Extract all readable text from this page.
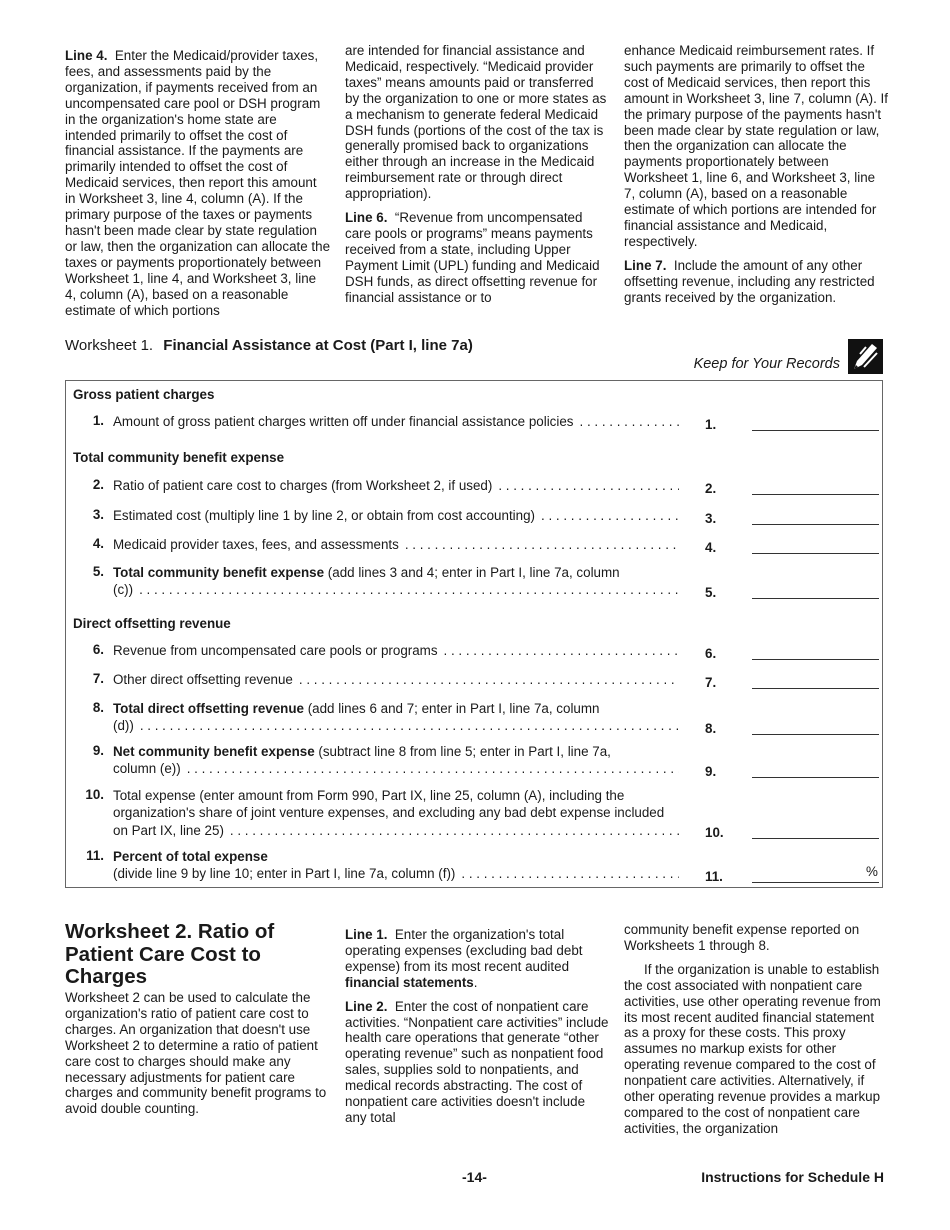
Line 4. Enter the Medicaid/provider taxes, fees, and assessments paid by the organization, if payments received from an uncompensated care pool or DSH program in the organization's home state are intended primarily to offset the cost of financial assistance. If the payments are primarily intended to offset the cost of Medicaid services, then report this amount in Worksheet 3, line 4, column (A). If the primary purpose of the taxes or payments hasn't been made clear by state regulation or law, then the organization can allocate the taxes or payments proportionately between Worksheet 1, line 4, and Worksheet 3, line 4, column (A), based on a reasonable estimate of which portions

are intended for financial assistance and Medicaid, respectively. “Medicaid provider taxes” means amounts paid or transferred by the organization to one or more states as a mechanism to generate federal Medicaid DSH funds (portions of the cost of the tax is generally promised back to organizations either through an increase in the Medicaid reimbursement rate or through direct appropriation).

Line 6. “Revenue from uncompensated care pools or programs” means payments received from a state, including Upper Payment Limit (UPL) funding and Medicaid DSH funds, as direct offsetting revenue for financial assistance or to

enhance Medicaid reimbursement rates. If such payments are primarily to offset the cost of Medicaid services, then report this amount in Worksheet 3, line 7, column (A). If the primary purpose of the payments hasn't been made clear by state regulation or law, then the organization can allocate the payments proportionately between Worksheet 1, line 6, and Worksheet 3, line 7, column (A), based on a reasonable estimate of which portions are intended for financial assistance and Medicaid, respectively.

Line 7. Include the amount of any other offsetting revenue, including any restricted grants received by the organization.

Worksheet 1. Financial Assistance at Cost (Part I, line 7a)
Keep for Your Records
Gross patient charges
1. Amount of gross patient charges written off under financial assistance policies . . .	1.
Total community benefit expense
2. Ratio of patient care cost to charges (from Worksheet 2, if used) . . .	2.
3. Estimated cost (multiply line 1 by line 2, or obtain from cost accounting) . . .	3.
4. Medicaid provider taxes, fees, and assessments . . .	4.
5. Total community benefit expense (add lines 3 and 4; enter in Part I, line 7a, column
(c)) . . .	5.
Direct offsetting revenue
6. Revenue from uncompensated care pools or programs . . .	6.
7. Other direct offsetting revenue . . .	7.
8. Total direct offsetting revenue (add lines 6 and 7; enter in Part I, line 7a, column
(d)) . . .	8.
9. Net community benefit expense (subtract line 8 from line 5; enter in Part I, line 7a,
column (e)) . . .	9.
10. Total expense (enter amount from Form 990, Part IX, line 25, column (A), including the
organization's share of joint venture expenses, and excluding any bad debt expense included
on Part IX, line 25) . . .	10.
11. Percent of total expense
(divide line 9 by line 10; enter in Part I, line 7a, column (f)) . . .	11.	%
Worksheet 2. Ratio of Patient Care Cost to Charges

Worksheet 2 can be used to calculate the organization's ratio of patient care cost to charges. An organization that doesn't use Worksheet 2 to determine a ratio of patient care cost to charges should make any necessary adjustments for patient care charges and community benefit programs to avoid double counting.

Line 1. Enter the organization's total operating expenses (excluding bad debt expense) from its most recent audited financial statements.

Line 2. Enter the cost of nonpatient care activities. “Nonpatient care activities” include health care operations that generate “other operating revenue” such as nonpatient food sales, supplies sold to nonpatients, and medical records abstracting. The cost of nonpatient care activities doesn't include any total

community benefit expense reported on Worksheets 1 through 8.

If the organization is unable to establish the cost associated with nonpatient care activities, use other operating revenue from its most recent audited financial statement as a proxy for these costs. This proxy assumes no markup exists for other operating revenue compared to the cost of nonpatient care activities. Alternatively, if other operating revenue provides a markup compared to the cost of nonpatient care activities, the organization

-14-	Instructions for Schedule H
